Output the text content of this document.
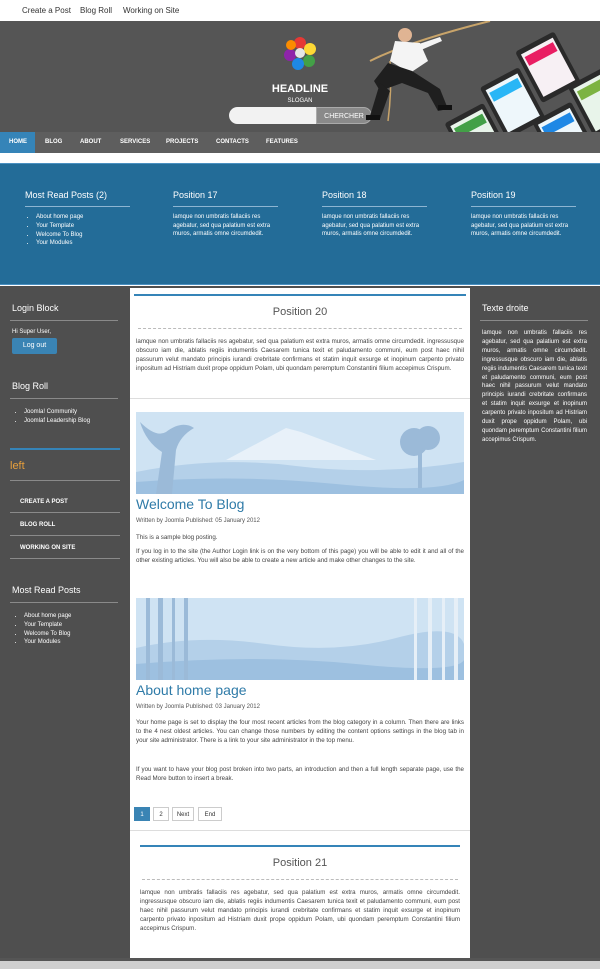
Create a Post Blog Roll Working on Site
HEADLINE
SLOGAN
CHERCHER
HOME	BLOG	ABOUT	SERVICES	PROJECTS	CONTACTS	FEATURES
Most Read Posts (2)
• About home page
• Your Template
• Welcome To Blog
• Your Modules
Position 17

lamque non umbratis fallaciis res agebatur, sed qua palatium est extra muros, armatis omne circumdedit.

Position 18

lamque non umbratis fallaciis res agebatur, sed qua palatium est extra muros, armatis omne circumdedit.

Position 19

lamque non umbratis fallaciis res agebatur, sed qua palatium est extra muros, armatis omne circumdedit.

Login Block
Hi Super User,
Log out
Blog Roll
• Joomla! Community
• Joomlaf Leadership Blog
left
CREATE A POST
BLOG ROLL
WORKING ON SITE
Most Read Posts
• About home page
• Your Template
• Welcome To Blog
• Your Modules
Texte droite
lamque non umbratis fallaciis res agebatur, sed qua palatium est extra muros, armatis omne circumdedit. ingressusque obscuro iam die, ablatis regiis indumentis Caesarem tunica texit et paludamento communi, eum post haec nihil passurum velut mandato principis iurandi crebritate confirmans et statim inquit exsurge et inopinum carpento privato inpositum ad Histriam duxit prope oppidum Polam, ubi quondam peremptum Constantini filium accepimus Crispum.
Position 20
lamque non umbratis fallaciis res agebatur, sed qua palatium est extra muros, armatis omne circumdedit. ingressusque obscuro iam die, ablatis regiis indumentis Caesarem tunica texit et paludamento communi, eum post haec nihil passurum velut mandato principis iurandi crebritate confirmans et statim inquit exsurge et inopinum carpento privato inpositum ad Histriam duxit prope oppidum Polam, ubi quondam peremptum Constantini filium accepimus Crispum.
Welcome To Blog
Written by Joomla Published: 05 January 2012
This is a sample blog posting.
If you log in to the site (the Author Login link is on the very bottom of this page) you will be able to edit it and all of the other existing articles. You will also be able to create a new article and make other changes to the site.
About home page
Written by Joomla Published: 03 January 2012
Your home page is set to display the four most recent articles from the blog category in a column. Then there are links to the 4 nest oldest articles. You can change those numbers by editing the content options settings in the blog tab in your site administrator. There is a link to your site administrator in the top menu.
If you want to have your blog post broken into two parts, an introduction and then a full length separate page, use the Read More button to insert a break.
1	2	Next	End
Position 21
lamque non umbratis fallaciis res agebatur, sed qua palatium est extra muros, armatis omne circumdedit. ingressusque obscuro iam die, ablatis regiis indumentis Caesarem tunica texit et paludamento communi, eum post haec nihil passurum velut mandato principis iurandi crebritate confirmans et statim inquit exsurge et inopinum carpento privato inpositum ad Histriam duxit prope oppidum Polam, ubi quondam peremptum Constantini filium accepimus Crispum.
